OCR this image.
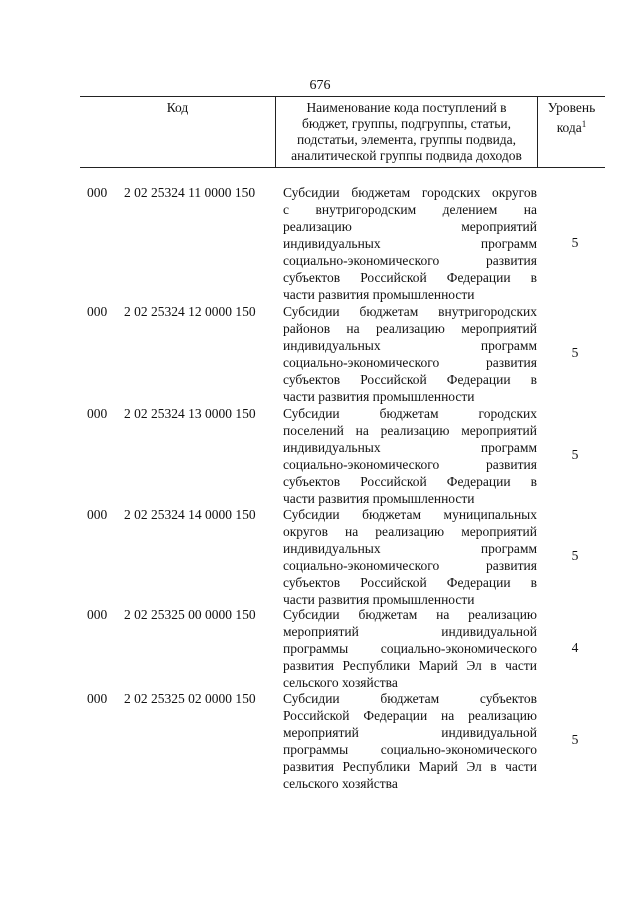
676
Код	Наименование кода поступлений в
бюджет, группы, подгруппы, статьи,
подстатьи, элемента, группы подвида,
аналитической группы подвида доходов
Уровень
кода$^1$
000	2 02 25324 11 0000 150	Субсидии бюджетам городских округов
с внутригородским делением на
реализацию мероприятий
индивидуальных программ
социально-экономического развития
субъектов Российской Федерации в
части развития промышленности
5
000	2 02 25324 12 0000 150	Субсидии бюджетам внутригородских
районов на реализацию мероприятий
индивидуальных программ
социально-экономического развития
субъектов Российской Федерации в
части развития промышленности
5
000	2 02 25324 13 0000 150	Субсидии бюджетам городских
поселений на реализацию мероприятий
индивидуальных программ
социально-экономического развития
субъектов Российской Федерации в
части развития промышленности
5
000	2 02 25324 14 0000 150	Субсидии бюджетам муниципальных
округов на реализацию мероприятий
индивидуальных программ
социально-экономического развития
субъектов Российской Федерации в
части развития промышленности
5
000	2 02 25325 00 0000 150	Субсидии бюджетам на реализацию
мероприятий индивидуальной
программы социально-экономического
развития Республики Марий Эл в части
сельского хозяйства
4
000	2 02 25325 02 0000 150	Субсидии бюджетам субъектов
Российской Федерации на реализацию
мероприятий индивидуальной
программы социально-экономического
развития Республики Марий Эл в части
сельского хозяйства
5
